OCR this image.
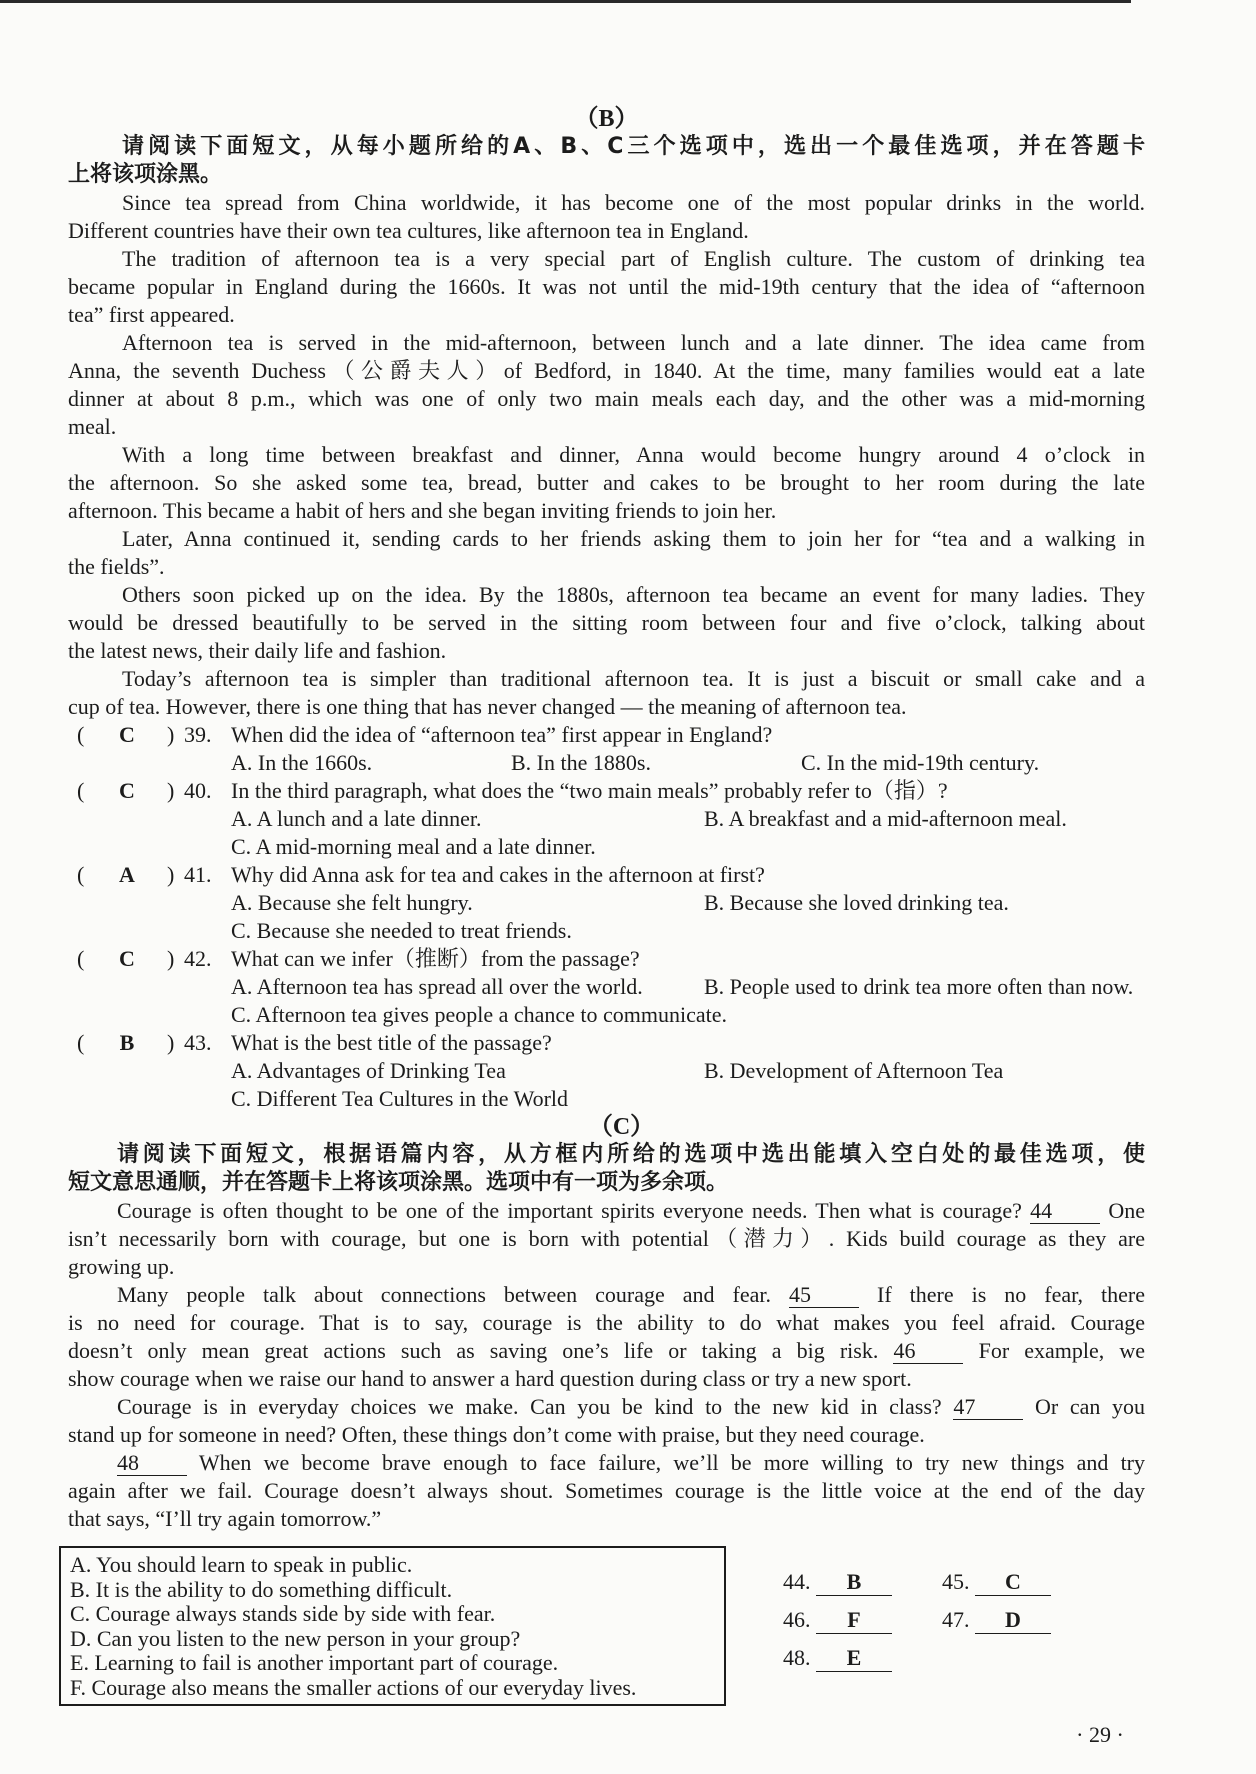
（B）
请阅读下面短文，从每小题所给的A、B、C三个选项中，选出一个最佳选项，并在答题卡
上将该项涂黑。
Since tea spread from China worldwide, it has become one of the most popular drinks in the world.
Different countries have their own tea cultures, like afternoon tea in England.
The tradition of afternoon tea is a very special part of English culture. The custom of drinking tea
became popular in England during the 1660s. It was not until the mid-19th century that the idea of “afternoon
tea” first appeared.
Afternoon tea is served in the mid-afternoon, between lunch and a late dinner. The idea came from
Anna, the seventh Duchess（公爵夫人）of Bedford, in 1840. At the time, many families would eat a late
dinner at about 8 p.m., which was one of only two main meals each day, and the other was a mid-morning
meal.
With a long time between breakfast and dinner, Anna would become hungry around 4 o’clock in
the afternoon. So she asked some tea, bread, butter and cakes to be brought to her room during the late
afternoon. This became a habit of hers and she began inviting friends to join her.
Later, Anna continued it, sending cards to her friends asking them to join her for “tea and a walking in
the fields”.
Others soon picked up on the idea. By the 1880s, afternoon tea became an event for many ladies. They
would be dressed beautifully to be served in the sitting room between four and five o’clock, talking about
the latest news, their daily life and fashion.
Today’s afternoon tea is simpler than traditional afternoon tea. It is just a biscuit or small cake and a
cup of tea. However, there is one thing that has never changed — the meaning of afternoon tea.
( C ) 39. When did the idea of “afternoon tea” first appear in England?
A. In the 1660s.	B. In the 1880s.	C. In the mid-19th century.
( C ) 40. In the third paragraph, what does the “two main meals” probably refer to（指）?
A. A lunch and a late dinner.	B. A breakfast and a mid-afternoon meal.
C. A mid-morning meal and a late dinner.
( A ) 41. Why did Anna ask for tea and cakes in the afternoon at first?
A. Because she felt hungry.	B. Because she loved drinking tea.
C. Because she needed to treat friends.
( C ) 42. What can we infer（推断）from the passage?
A. Afternoon tea has spread all over the world.	B. People used to drink tea more often than now.
C. Afternoon tea gives people a chance to communicate.
( B ) 43. What is the best title of the passage?
A. Advantages of Drinking Tea	B. Development of Afternoon Tea
C. Different Tea Cultures in the World
（C）
请阅读下面短文，根据语篇内容，从方框内所给的选项中选出能填入空白处的最佳选项，使
短文意思通顺，并在答题卡上将该项涂黑。选项中有一项为多余项。
Courage is often thought to be one of the important spirits everyone needs. Then what is courage? 44	One
isn’t necessarily born with courage, but one is born with potential（潜力）. Kids build courage as they are
growing up.
Many people talk about connections between courage and fear. 45	If there is no fear, there
is no need for courage. That is to say, courage is the ability to do what makes you feel afraid. Courage
doesn’t only mean great actions such as saving one’s life or taking a big risk. 46	For example, we
show courage when we raise our hand to answer a hard question during class or try a new sport.
Courage is in everyday choices we make. Can you be kind to the new kid in class? 47	Or can you
stand up for someone in need? Often, these things don’t come with praise, but they need courage.
48	When we become brave enough to face failure, we’ll be more willing to try new things and try
again after we fail. Courage doesn’t always shout. Sometimes courage is the little voice at the end of the day
that says, “I’ll try again tomorrow.”
A. You should learn to speak in public.
B. It is the ability to do something difficult.
C. Courage always stands side by side with fear.
D. Can you listen to the new person in your group?
E. Learning to fail is another important part of courage.
F. Courage also means the smaller actions of our everyday lives.
44.	B	45.	C
46.	F	47.	D
48.	E
· 29 ·
